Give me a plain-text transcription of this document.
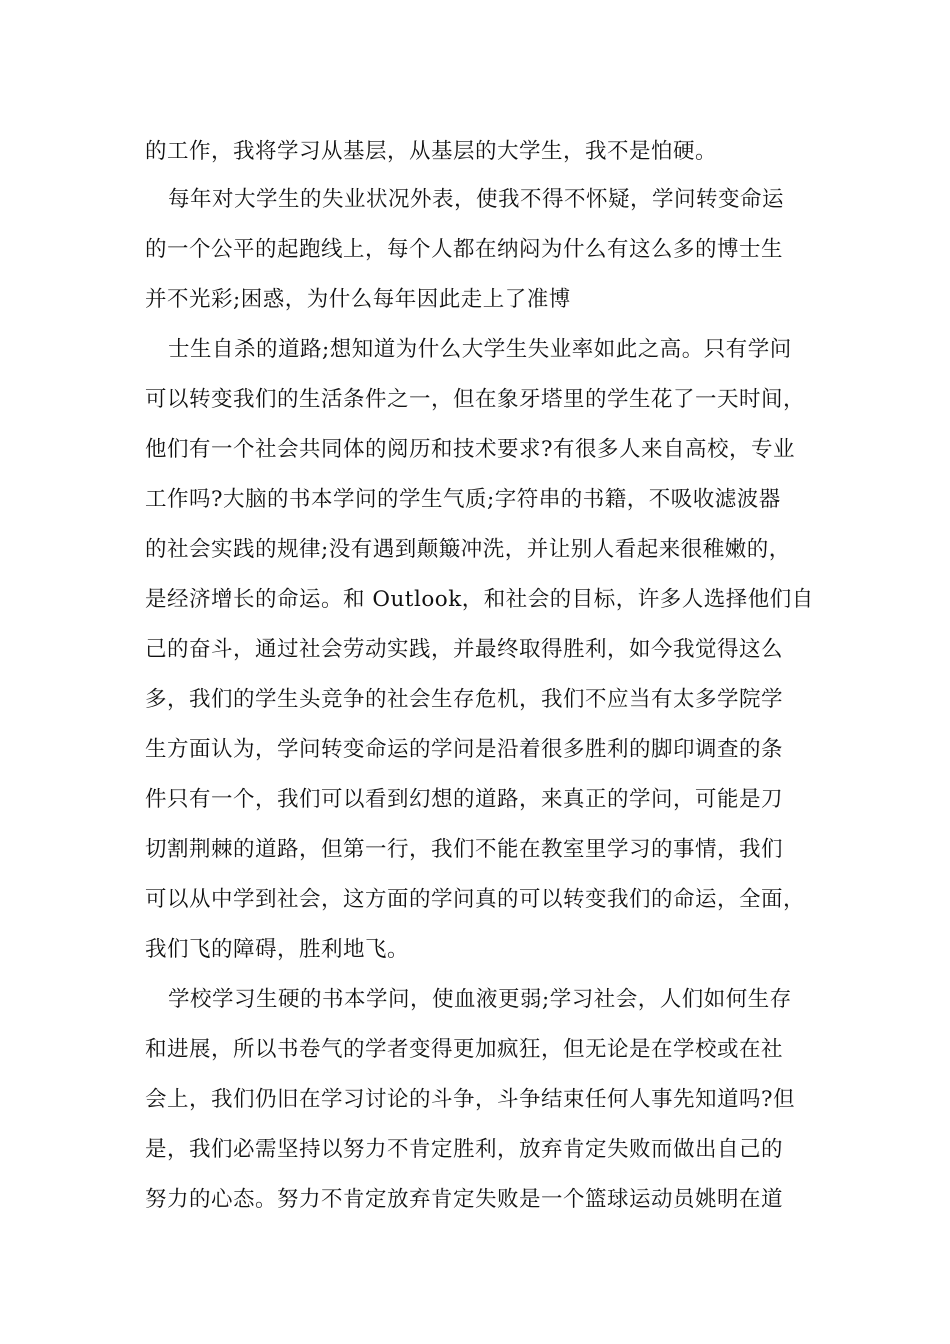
的工作，我将学习从基层，从基层的大学生，我不是怕硬。
每年对大学生的失业状况外表，使我不得不怀疑，学问转变命运
的一个公平的起跑线上，每个人都在纳闷为什么有这么多的博士生
并不光彩;困惑，为什么每年因此走上了准博
士生自杀的道路;想知道为什么大学生失业率如此之高。只有学问
可以转变我们的生活条件之一，但在象牙塔里的学生花了一天时间，
他们有一个社会共同体的阅历和技术要求?有很多人来自高校，专业
工作吗?大脑的书本学问的学生气质;字符串的书籍，不吸收滤波器
的社会实践的规律;没有遇到颠簸冲洗，并让别人看起来很稚嫩的，
是经济增长的命运。和 Outlook，和社会的目标，许多人选择他们自
己的奋斗，通过社会劳动实践，并最终取得胜利，如今我觉得这么
多，我们的学生头竞争的社会生存危机，我们不应当有太多学院学
生方面认为，学问转变命运的学问是沿着很多胜利的脚印调查的条
件只有一个，我们可以看到幻想的道路，来真正的学问，可能是刀
切割荆棘的道路，但第一行，我们不能在教室里学习的事情，我们
可以从中学到社会，这方面的学问真的可以转变我们的命运，全面，
我们飞的障碍，胜利地飞。
学校学习生硬的书本学问，使血液更弱;学习社会，人们如何生存
和进展，所以书卷气的学者变得更加疯狂，但无论是在学校或在社
会上，我们仍旧在学习讨论的斗争，斗争结束任何人事先知道吗?但
是，我们必需坚持以努力不肯定胜利，放弃肯定失败而做出自己的
努力的心态。努力不肯定放弃肯定失败是一个篮球运动员姚明在道
